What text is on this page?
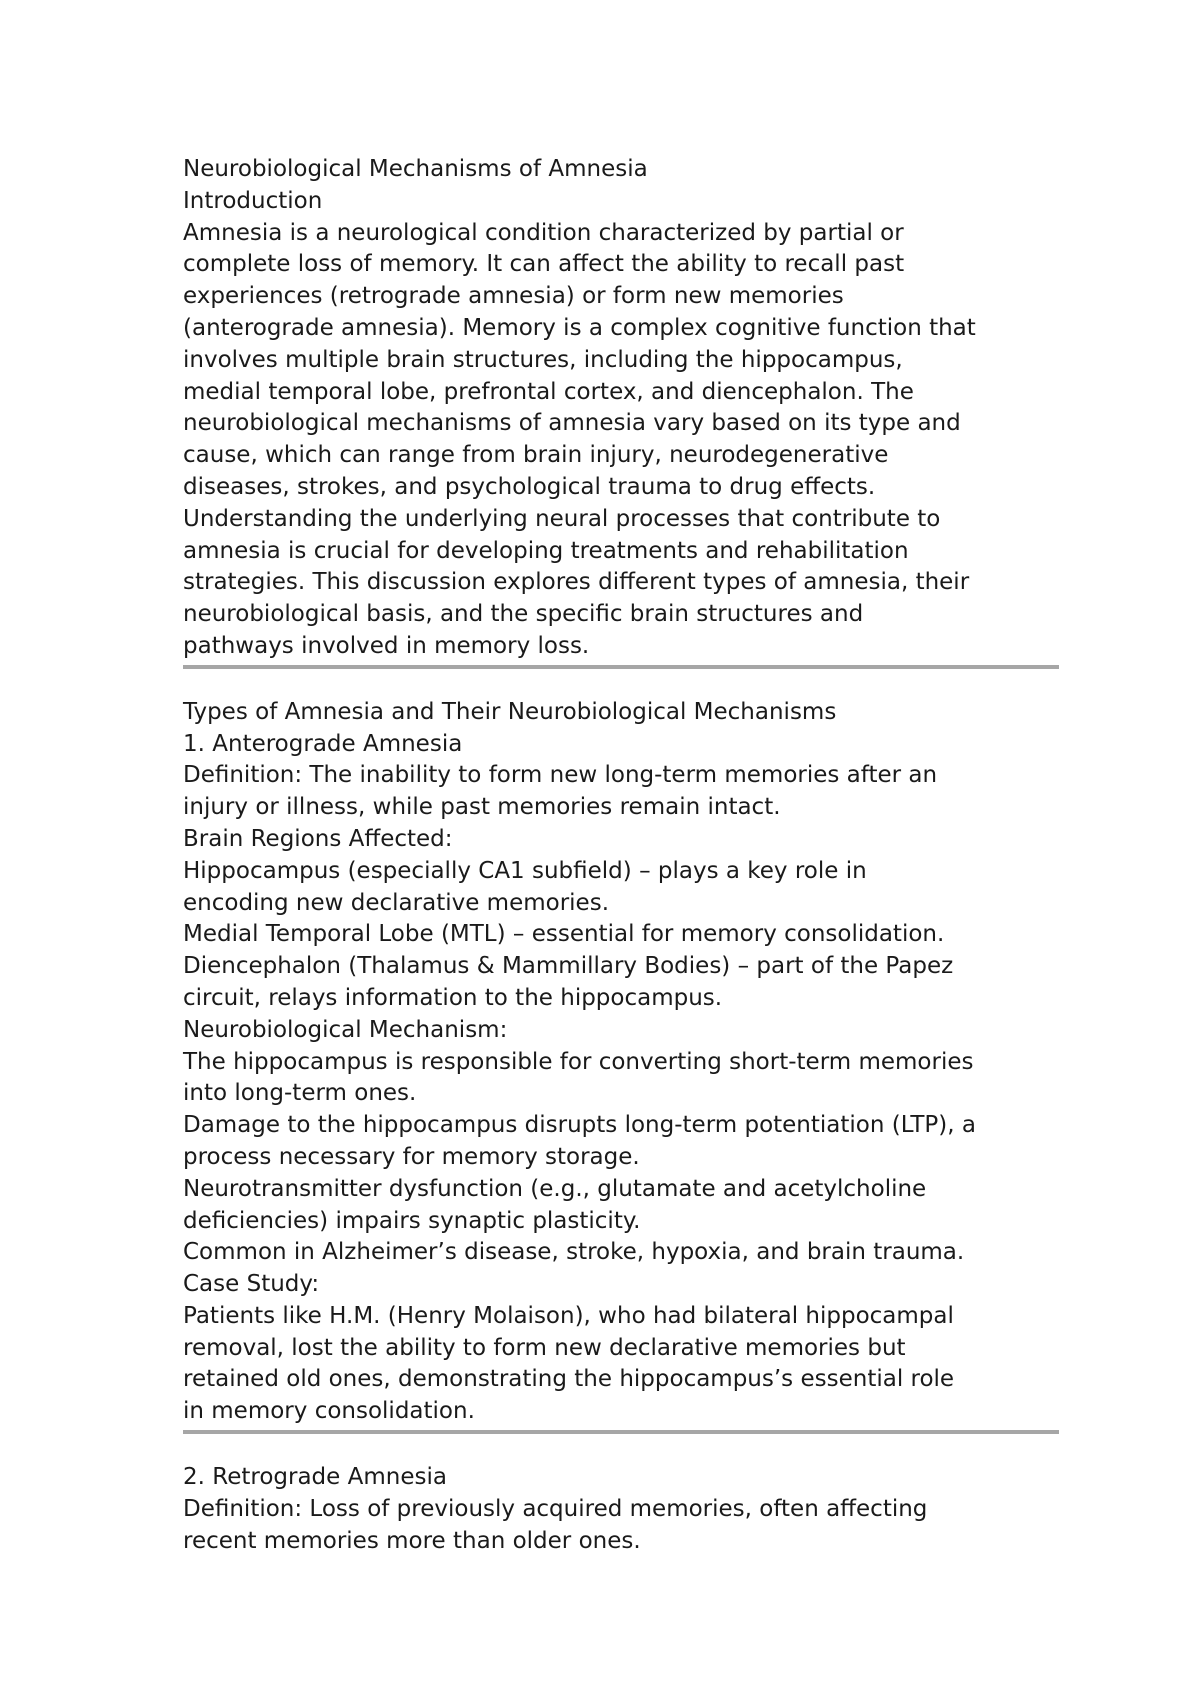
Neurobiological Mechanisms of Amnesia
Introduction
Amnesia is a neurological condition characterized by partial or
complete loss of memory. It can affect the ability to recall past
experiences (retrograde amnesia) or form new memories
(anterograde amnesia). Memory is a complex cognitive function that
involves multiple brain structures, including the hippocampus,
medial temporal lobe, prefrontal cortex, and diencephalon. The
neurobiological mechanisms of amnesia vary based on its type and
cause, which can range from brain injury, neurodegenerative
diseases, strokes, and psychological trauma to drug effects.
Understanding the underlying neural processes that contribute to
amnesia is crucial for developing treatments and rehabilitation
strategies. This discussion explores different types of amnesia, their
neurobiological basis, and the specific brain structures and
pathways involved in memory loss.
Types of Amnesia and Their Neurobiological Mechanisms
1. Anterograde Amnesia
Definition: The inability to form new long-term memories after an
injury or illness, while past memories remain intact.
Brain Regions Affected:
Hippocampus (especially CA1 subfield) – plays a key role in
encoding new declarative memories.
Medial Temporal Lobe (MTL) – essential for memory consolidation.
Diencephalon (Thalamus & Mammillary Bodies) – part of the Papez
circuit, relays information to the hippocampus.
Neurobiological Mechanism:
The hippocampus is responsible for converting short-term memories
into long-term ones.
Damage to the hippocampus disrupts long-term potentiation (LTP), a
process necessary for memory storage.
Neurotransmitter dysfunction (e.g., glutamate and acetylcholine
deficiencies) impairs synaptic plasticity.
Common in Alzheimer’s disease, stroke, hypoxia, and brain trauma.
Case Study:
Patients like H.M. (Henry Molaison), who had bilateral hippocampal
removal, lost the ability to form new declarative memories but
retained old ones, demonstrating the hippocampus’s essential role
in memory consolidation.
2. Retrograde Amnesia
Definition: Loss of previously acquired memories, often affecting
recent memories more than older ones.
